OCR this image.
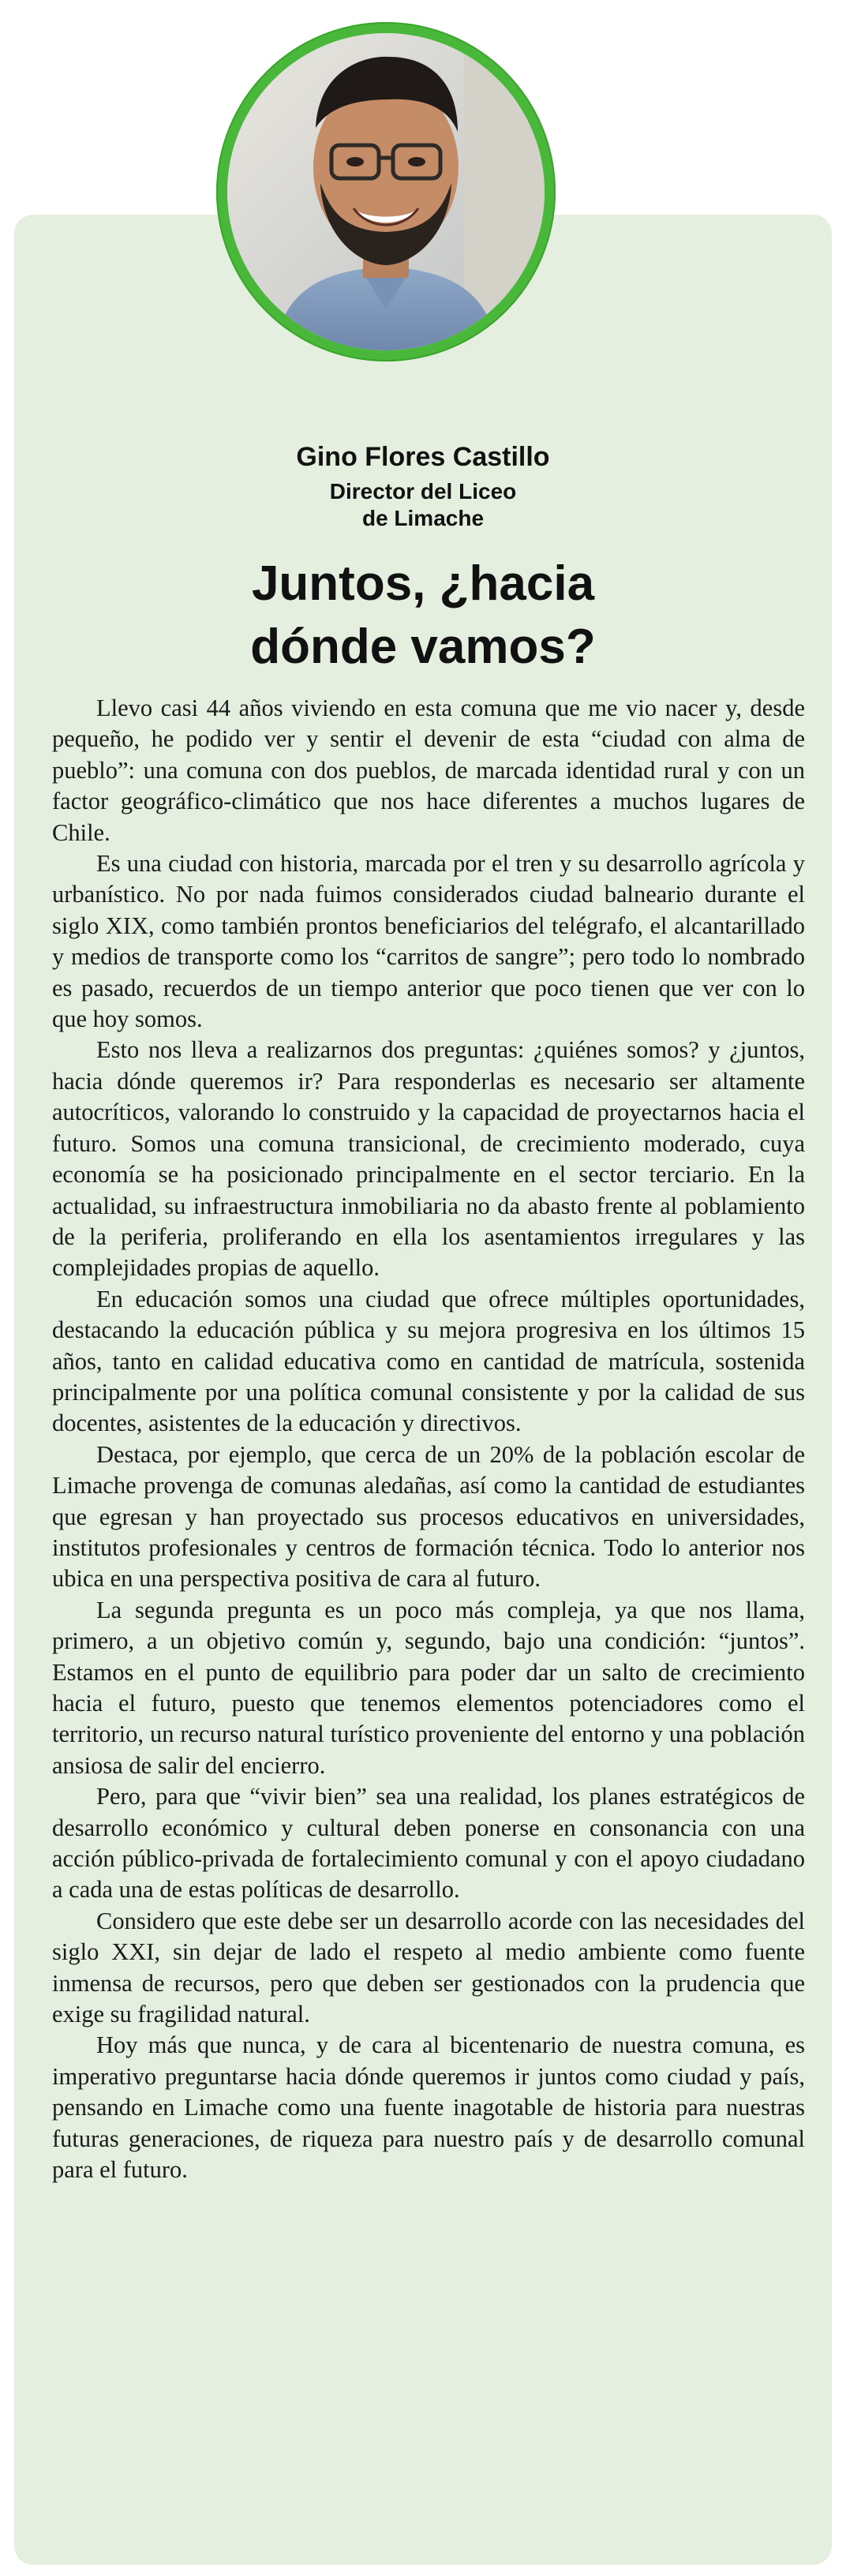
Gino Flores Castillo
Director del Liceo
de Limache
Juntos, ¿hacia
dónde vamos?

Llevo casi 44 años viviendo en esta comuna que me vio nacer y, desde pequeño, he podido ver y sentir el devenir de esta “ciudad con alma de pueblo”: una comuna con dos pueblos, de marcada identidad rural y con un factor geográfico-climático que nos hace diferentes a muchos lugares de Chile.

Es una ciudad con historia, marcada por el tren y su desarrollo agrícola y urbanístico. No por nada fuimos considerados ciudad balneario durante el siglo XIX, como también prontos beneficiarios del telégrafo, el alcantarillado y medios de transporte como los “carritos de sangre”; pero todo lo nombrado es pasado, recuerdos de un tiempo anterior que poco tienen que ver con lo que hoy somos.

Esto nos lleva a realizarnos dos preguntas: ¿quiénes somos? y ¿juntos, hacia dónde queremos ir? Para responderlas es necesario ser altamente autocríticos, valorando lo construido y la capacidad de proyectarnos hacia el futuro. Somos una comuna transicional, de crecimiento moderado, cuya economía se ha posicionado principalmente en el sector terciario. En la actualidad, su infraestructura inmobiliaria no da abasto frente al poblamiento de la periferia, proliferando en ella los asentamientos irregulares y las complejidades propias de aquello.

En educación somos una ciudad que ofrece múltiples oportunidades, destacando la educación pública y su mejora progresiva en los últimos 15 años, tanto en calidad educativa como en cantidad de matrícula, sostenida principalmente por una política comunal consistente y por la calidad de sus docentes, asistentes de la educación y directivos.

Destaca, por ejemplo, que cerca de un 20% de la población escolar de Limache provenga de comunas aledañas, así como la cantidad de estudiantes que egresan y han proyectado sus procesos educativos en universidades, institutos profesionales y centros de formación técnica. Todo lo anterior nos ubica en una perspectiva positiva de cara al futuro.

La segunda pregunta es un poco más compleja, ya que nos llama, primero, a un objetivo común y, segundo, bajo una condición: “juntos”. Estamos en el punto de equilibrio para poder dar un salto de crecimiento hacia el futuro, puesto que tenemos elementos potenciadores como el territorio, un recurso natural turístico proveniente del entorno y una población ansiosa de salir del encierro.

Pero, para que “vivir bien” sea una realidad, los planes estratégicos de desarrollo económico y cultural deben ponerse en consonancia con una acción público-privada de fortalecimiento comunal y con el apoyo ciudadano a cada una de estas políticas de desarrollo.

Considero que este debe ser un desarrollo acorde con las necesidades del siglo XXI, sin dejar de lado el respeto al medio ambiente como fuente inmensa de recursos, pero que deben ser gestionados con la prudencia que exige su fragilidad natural.

Hoy más que nunca, y de cara al bicentenario de nuestra comuna, es imperativo preguntarse hacia dónde queremos ir juntos como ciudad y país, pensando en Limache como una fuente inagotable de historia para nuestras futuras generaciones, de riqueza para nuestro país y de desarrollo comunal para el futuro.
